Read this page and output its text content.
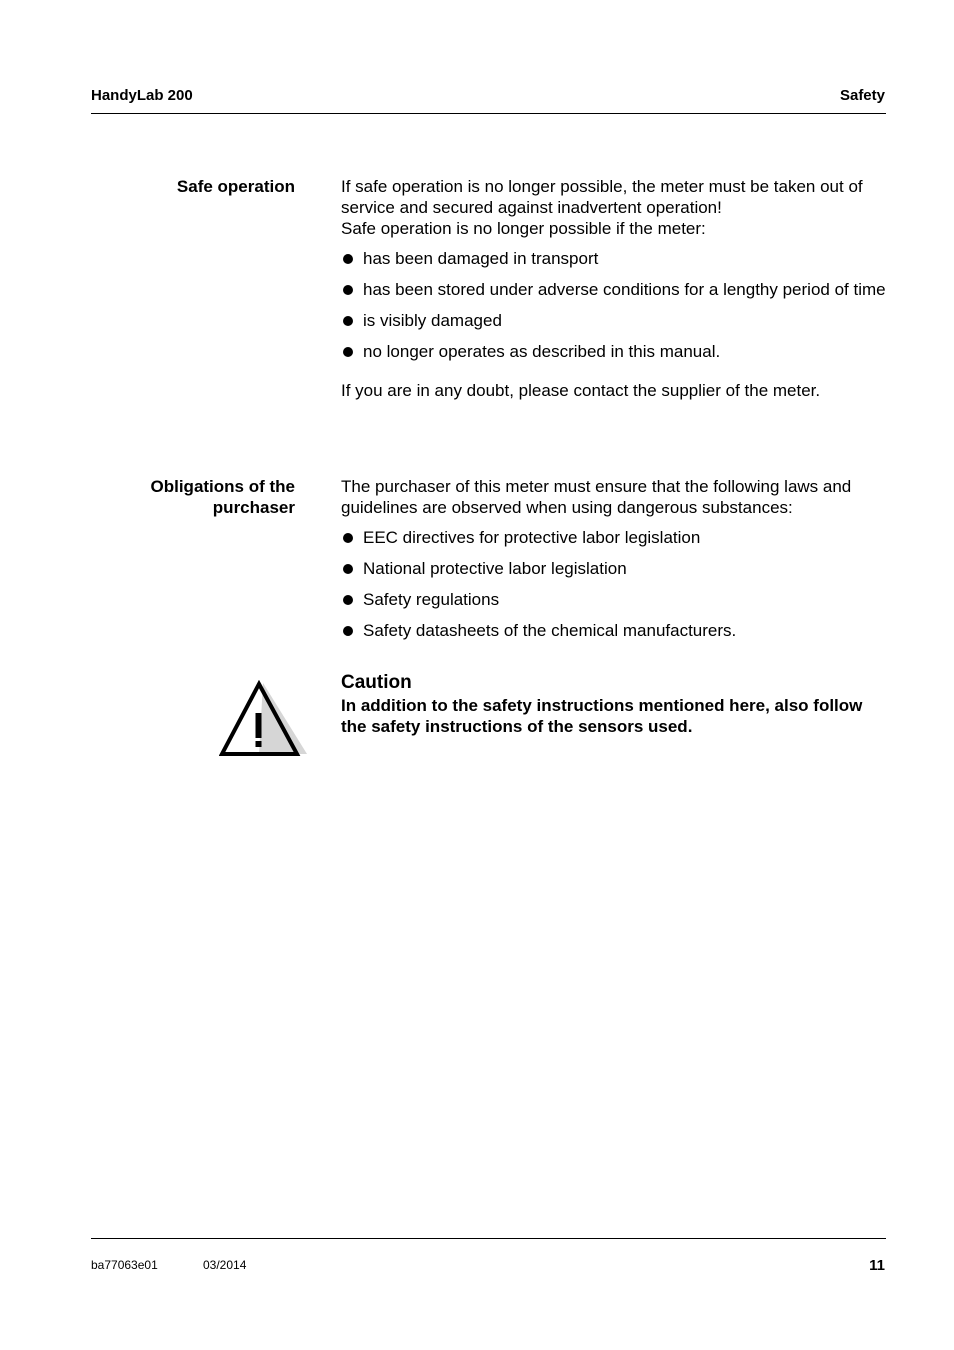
HandyLab 200	Safety
Safe operation	If safe operation is no longer possible, the meter must be taken out of service and secured against inadvertent operation!

Safe operation is no longer possible if the meter:

has been damaged in transport
has been stored under adverse conditions for a lengthy period of time
is visibly damaged
no longer operates as described in this manual.

If you are in any doubt, please contact the supplier of the meter.

Obligations of the
purchaser

The purchaser of this meter must ensure that the following laws and guidelines are observed when using dangerous substances:

EEC directives for protective labor legislation
National protective labor legislation
Safety regulations
Safety datasheets of the chemical manufacturers.
Caution
In addition to the safety instructions mentioned here, also follow the safety instructions of the sensors used.
ba77063e01	03/2014	11
